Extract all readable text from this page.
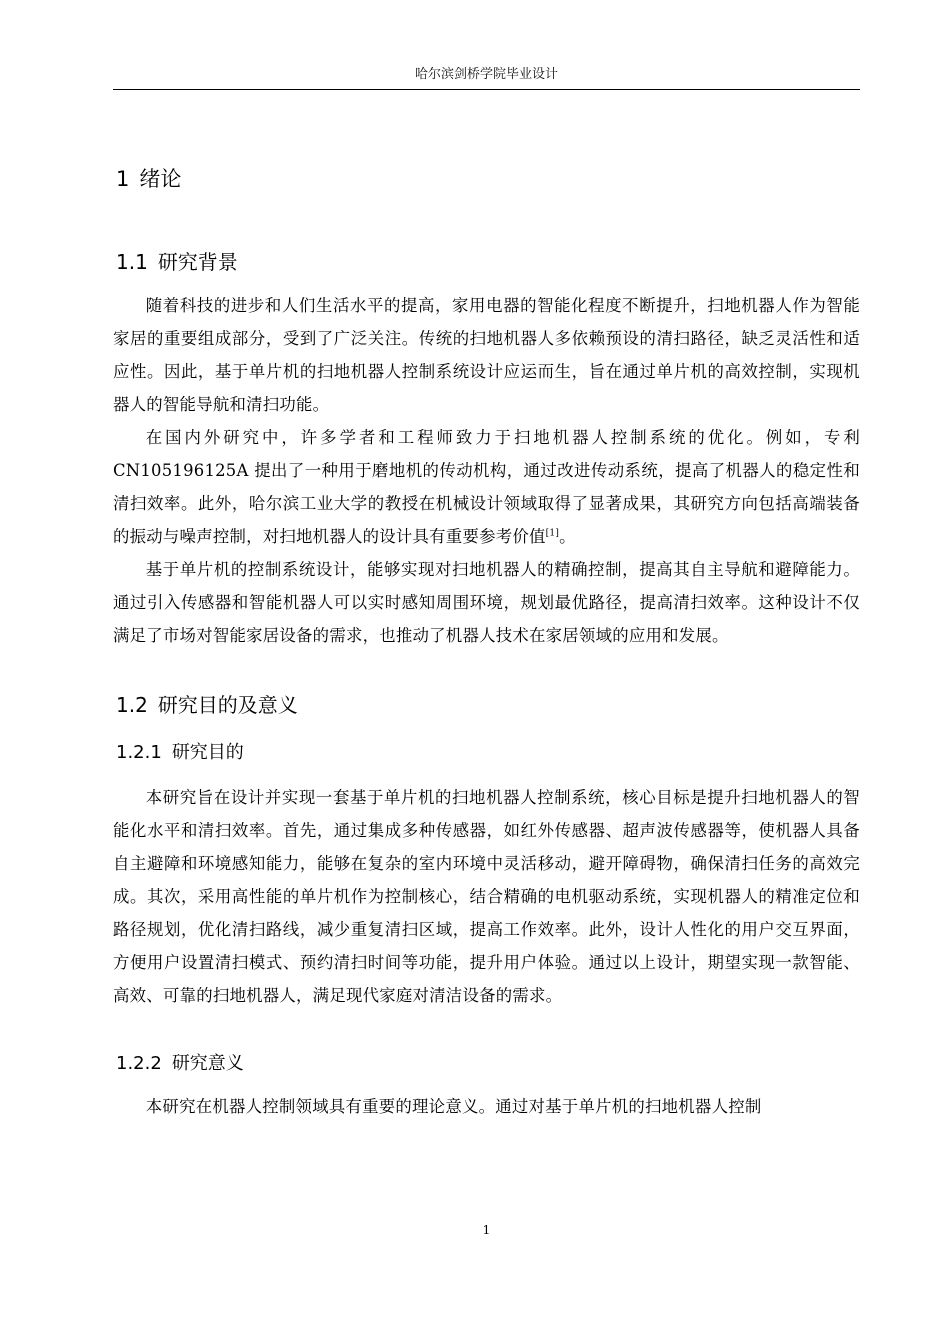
哈尔滨剑桥学院毕业设计
1 绪论
1.1 研究背景

随着科技的进步和人们生活水平的提高，家用电器的智能化程度不断提升，扫地机器人作为智能家居的重要组成部分，受到了广泛关注。传统的扫地机器人多依赖预设的清扫路径，缺乏灵活性和适应性。因此，基于单片机的扫地机器人控制系统设计应运而生，旨在通过单片机的高效控制，实现机器人的智能导航和清扫功能。

在国内外研究中，许多学者和工程师致力于扫地机器人控制系统的优化。例如，专利CN105196125A 提出了一种用于磨地机的传动机构，通过改进传动系统，提高了机器人的稳定性和清扫效率。此外，哈尔滨工业大学的教授在机械设计领域取得了显著成果，其研究方向包括高端装备的振动与噪声控制，对扫地机器人的设计具有重要参考价值[1]。

基于单片机的控制系统设计，能够实现对扫地机器人的精确控制，提高其自主导航和避障能力。通过引入传感器和智能机器人可以实时感知周围环境，规划最优路径，提高清扫效率。这种设计不仅满足了市场对智能家居设备的需求，也推动了机器人技术在家居领域的应用和发展。

1.2 研究目的及意义
1.2.1 研究目的

本研究旨在设计并实现一套基于单片机的扫地机器人控制系统，核心目标是提升扫地机器人的智能化水平和清扫效率。首先，通过集成多种传感器，如红外传感器、超声波传感器等，使机器人具备自主避障和环境感知能力，能够在复杂的室内环境中灵活移动，避开障碍物，确保清扫任务的高效完成。其次，采用高性能的单片机作为控制核心，结合精确的电机驱动系统，实现机器人的精准定位和路径规划，优化清扫路线，减少重复清扫区域，提高工作效率。此外，设计人性化的用户交互界面，方便用户设置清扫模式、预约清扫时间等功能，提升用户体验。通过以上设计，期望实现一款智能、高效、可靠的扫地机器人，满足现代家庭对清洁设备的需求。

1.2.2 研究意义

本研究在机器人控制领域具有重要的理论意义。通过对基于单片机的扫地机器人控制

1
